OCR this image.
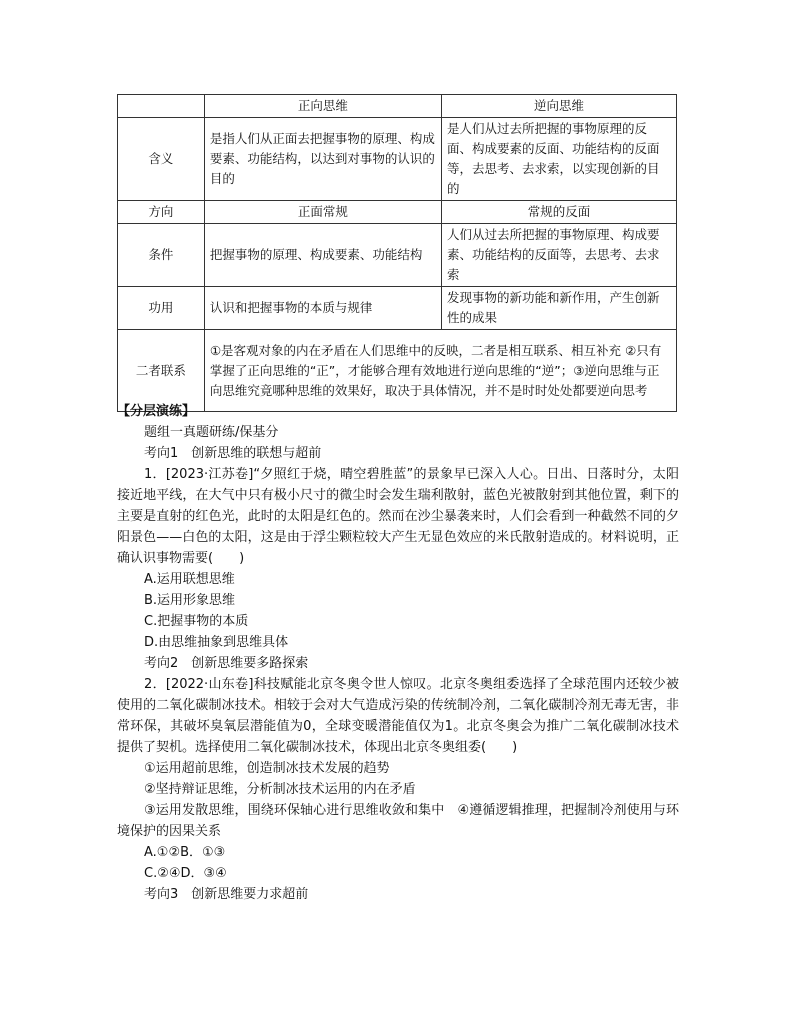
	正向思维	逆向思维
含义	是指人们从正面去把握事物的原理、构成要素、功能结构，以达到对事物的认识的目的	是人们从过去所把握的事物原理的反面、构成要素的反面、功能结构的反面等，去思考、去求索，以实现创新的目的
方向	正面常规	常规的反面
条件	把握事物的原理、构成要素、功能结构	人们从过去所把握的事物原理、构成要素、功能结构的反面等，去思考、去求索
功用	认识和把握事物的本质与规律	发现事物的新功能和新作用，产生创新性的成果
二者联系	①是客观对象的内在矛盾在人们思维中的反映，二者是相互联系、相互补充 ②只有掌握了正向思维的“正”，才能够合理有效地进行逆向思维的“逆”；③逆向思维与正向思维究竟哪种思维的效果好，取决于具体情况，并不是时时处处都要逆向思考	
【分层演练】
题组一真题研练/保基分
考向1　创新思维的联想与超前
1．[2023·江苏卷]“夕照红于烧，晴空碧胜蓝”的景象早已深入人心。日出、日落时分，太阳接近地平线，在大气中只有极小尺寸的微尘时会发生瑞利散射，蓝色光被散射到其他位置，剩下的主要是直射的红色光，此时的太阳是红色的。然而在沙尘暴袭来时，人们会看到一种截然不同的夕阳景色——白色的太阳，这是由于浮尘颗粒较大产生无显色效应的米氏散射造成的。材料说明，正确认识事物需要(　　)
A.运用联想思维
B.运用形象思维
C.把握事物的本质
D.由思维抽象到思维具体
考向2　创新思维要多路探索
2．[2022·山东卷]科技赋能北京冬奥令世人惊叹。北京冬奥组委选择了全球范围内还较少被使用的二氧化碳制冰技术。相较于会对大气造成污染的传统制冷剂，二氧化碳制冷剂无毒无害，非常环保，其破坏臭氧层潜能值为0，全球变暖潜能值仅为1。北京冬奥会为推广二氧化碳制冰技术提供了契机。选择使用二氧化碳制冰技术，体现出北京冬奥组委(　　)
①运用超前思维，创造制冰技术发展的趋势
②坚持辩证思维，分析制冰技术运用的内在矛盾
③运用发散思维，围绕环保轴心进行思维收敛和集中　④遵循逻辑推理，把握制冷剂使用与环境保护的因果关系
A.①②B．①③
C.②④D．③④
考向3　创新思维要力求超前
